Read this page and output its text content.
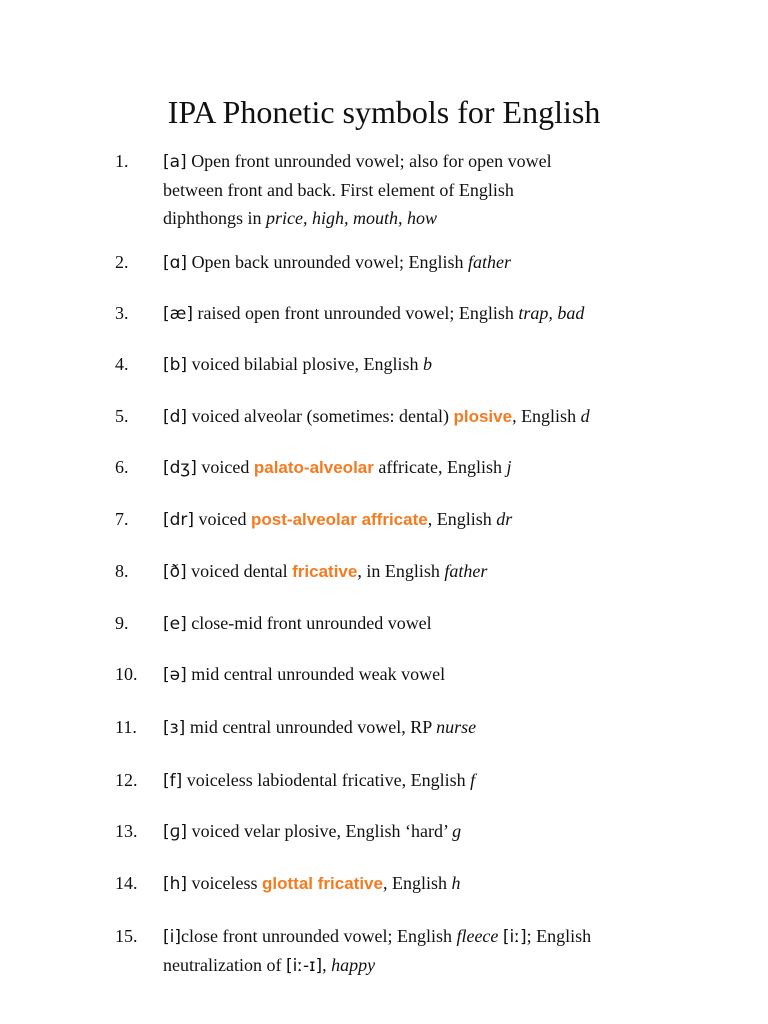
IPA Phonetic symbols for English
1.	[a] Open front unrounded vowel; also for open vowel
between front and back. First element of English
diphthongs in price, high, mouth, how
2.	[ɑ] Open back unrounded vowel; English father
3.	[æ] raised open front unrounded vowel; English trap, bad
4.	[b] voiced bilabial plosive, English b
5.	[d] voiced alveolar (sometimes: dental) plosive, English d
6.	[dʒ] voiced palato-alveolar affricate, English j
7.	[dr] voiced post-alveolar affricate, English dr
8.	[ð] voiced dental fricative, in English father
9.	[e] close-mid front unrounded vowel
10.	[ə] mid central unrounded weak vowel
11.	[ɜ] mid central unrounded vowel, RP nurse
12.	[f] voiceless labiodental fricative, English f
13.	[ɡ] voiced velar plosive, English ‘hard’ g
14.	[h] voiceless glottal fricative, English h
15.	[i]close front unrounded vowel; English fleece [iː]; English
neutralization of [iː-ɪ], happy
